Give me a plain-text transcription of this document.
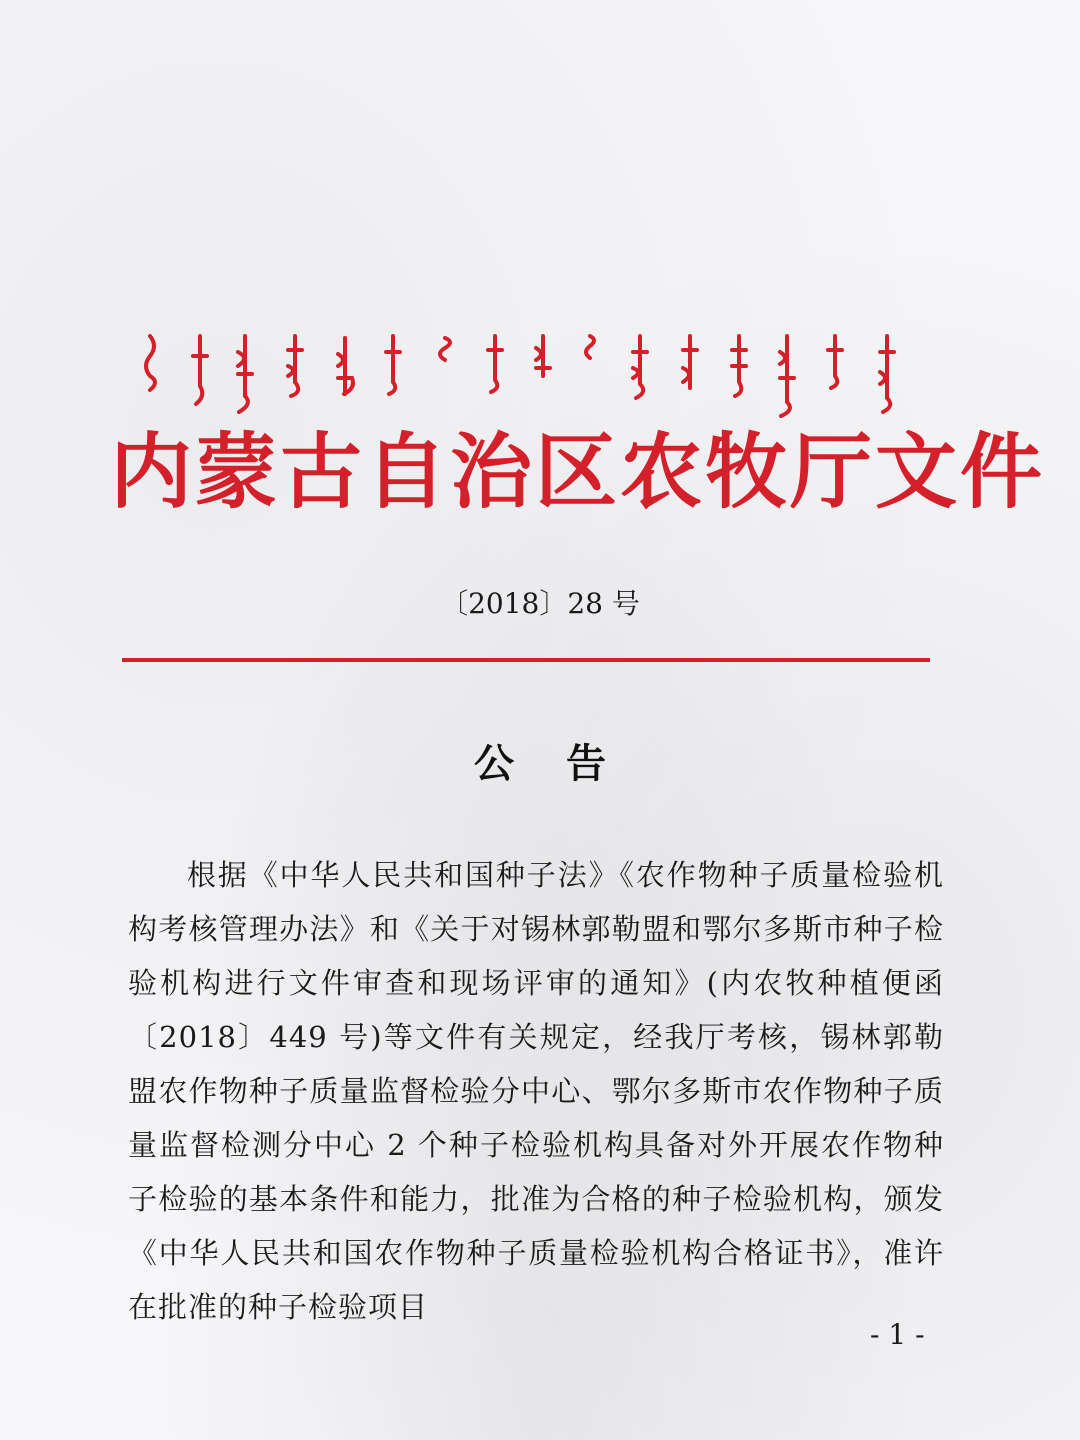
内蒙古自治区农牧厅文件
〔2018〕28 号
公告
根据《中华人民共和国种子法》《农作物种子质量检验机构考核管理办法》和《关于对锡林郭勒盟和鄂尔多斯市种子检验机构进行文件审查和现场评审的通知》(内农牧种植便函〔2018〕449 号)等文件有关规定，经我厅考核，锡林郭勒盟农作物种子质量监督检验分中心、鄂尔多斯市农作物种子质量监督检测分中心 2 个种子检验机构具备对外开展农作物种子检验的基本条件和能力，批准为合格的种子检验机构，颁发《中华人民共和国农作物种子质量检验机构合格证书》，准许在批准的种子检验项目
- 1 -
